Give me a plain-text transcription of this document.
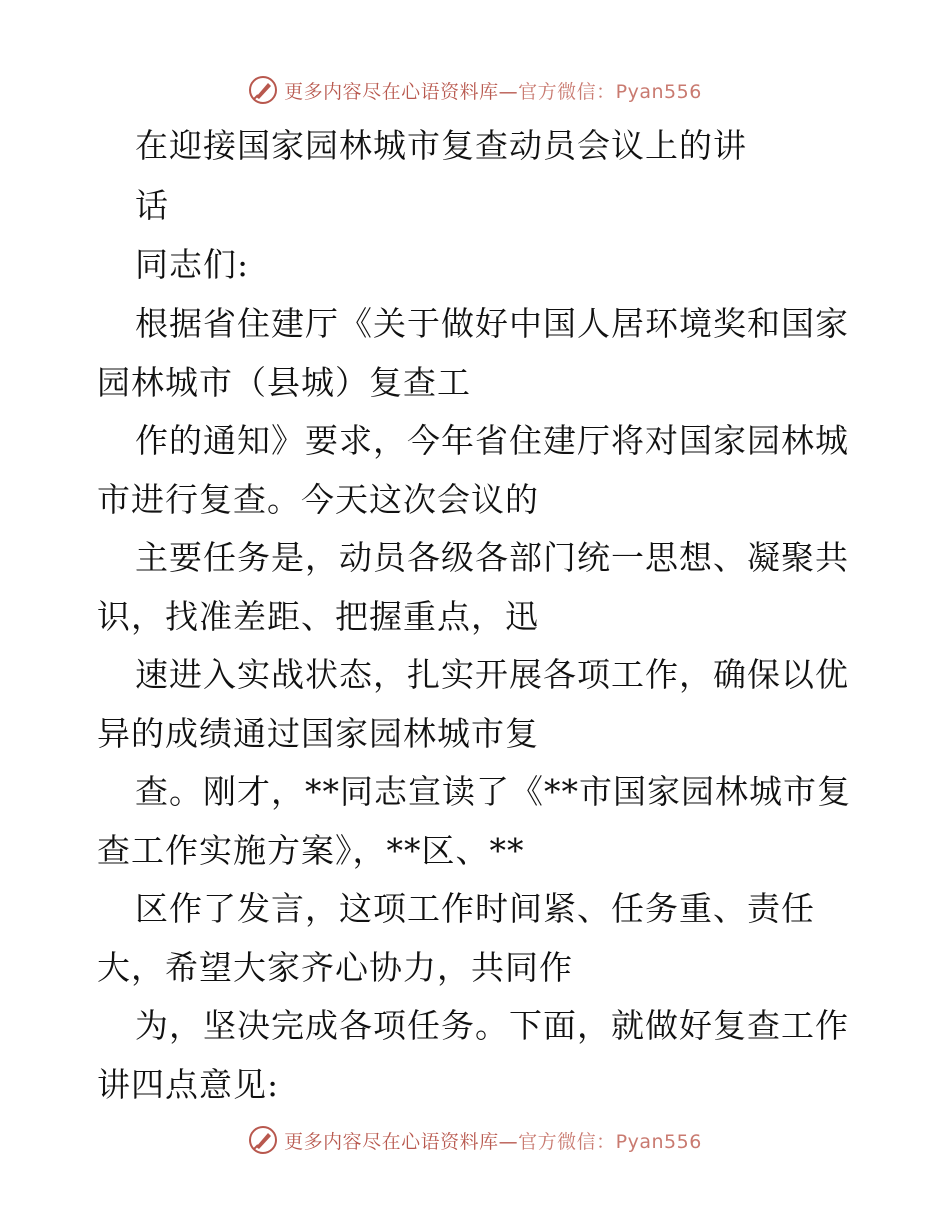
更多内容尽在心语资料库—官方微信：Pyan556
在迎接国家园林城市复查动员会议上的讲
话
同志们:
根据省住建厅《关于做好中国人居环境奖和国家
园林城市（县城）复查工
作的通知》要求，今年省住建厅将对国家园林城
市进行复查。今天这次会议的
主要任务是，动员各级各部门统一思想、凝聚共
识，找准差距、把握重点，迅
速进入实战状态，扎实开展各项工作，确保以优
异的成绩通过国家园林城市复
查。刚才，**同志宣读了《**市国家园林城市复
查工作实施方案》，**区、**
区作了发言，这项工作时间紧、任务重、责任
大，希望大家齐心协力，共同作
为，坚决完成各项任务。下面，就做好复查工作
讲四点意见:
更多内容尽在心语资料库—官方微信：Pyan556
